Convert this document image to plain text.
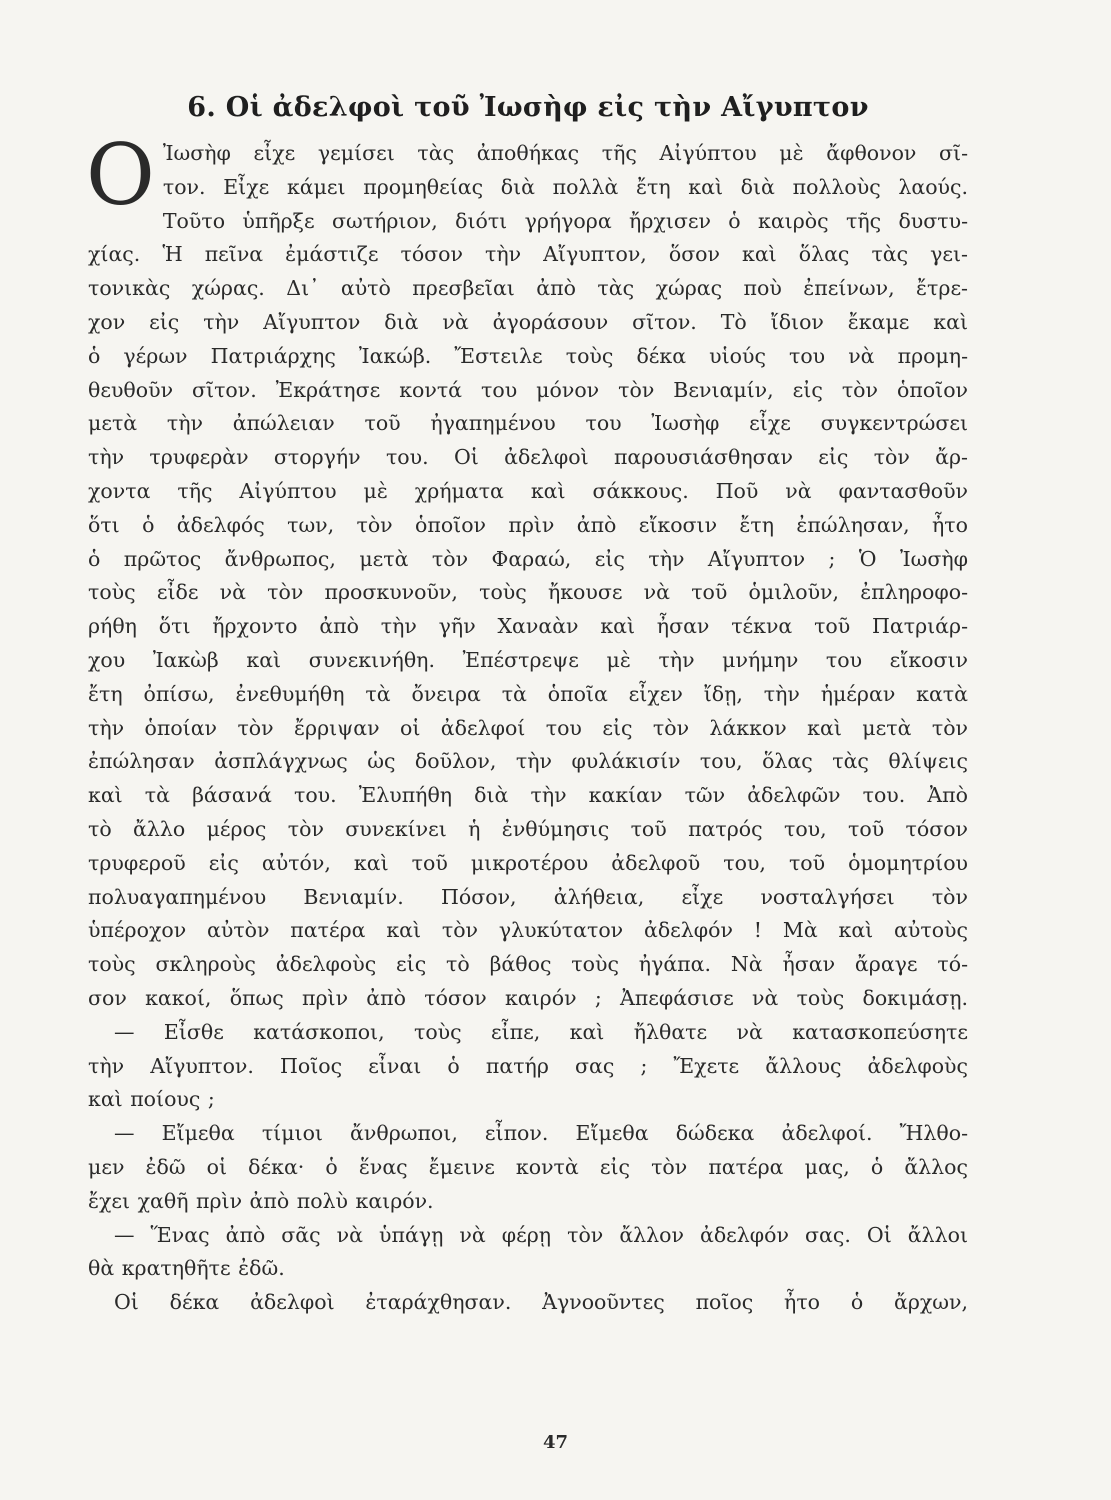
6. Οἱ ἀδελφοὶ τοῦ Ἰωσὴφ εἰς τὴν Αἴγυπτον
Ο Ἰωσὴφ εἶχε γεμίσει τὰς ἀποθήκας τῆς Αἰγύπτου μὲ ἄφθονον σῖ-
τον. Εἶχε κάμει προμηθείας διὰ πολλὰ ἔτη καὶ διὰ πολλοὺς λαούς.
Τοῦτο ὑπῆρξε σωτήριον, διότι γρήγορα ἤρχισεν ὁ καιρὸς τῆς δυστυ-
χίας. Ἡ πεῖνα ἐμάστιζε τόσον τὴν Αἴγυπτον, ὅσον καὶ ὅλας τὰς γει-
τονικὰς χώρας. Δι᾽ αὐτὸ πρεσβεῖαι ἀπὸ τὰς χώρας ποὺ ἐπείνων, ἔτρε-
χον εἰς τὴν Αἴγυπτον διὰ νὰ ἀγοράσουν σῖτον. Τὸ ἴδιον ἔκαμε καὶ
ὁ γέρων Πατριάρχης Ἰακώβ. Ἔστειλε τοὺς δέκα υἱούς του νὰ προμη-
θευθοῦν σῖτον. Ἐκράτησε κοντά του μόνον τὸν Βενιαμίν, εἰς τὸν ὁποῖον
μετὰ τὴν ἀπώλειαν τοῦ ἠγαπημένου του Ἰωσὴφ εἶχε συγκεντρώσει
τὴν τρυφερὰν στοργήν του. Οἱ ἀδελφοὶ παρουσιάσθησαν εἰς τὸν ἄρ-
χοντα τῆς Αἰγύπτου μὲ χρήματα καὶ σάκκους. Ποῦ νὰ φαντασθοῦν
ὅτι ὁ ἀδελφός των, τὸν ὁποῖον πρὶν ἀπὸ εἴκοσιν ἔτη ἐπώλησαν, ἦτο
ὁ πρῶτος ἄνθρωπος, μετὰ τὸν Φαραώ, εἰς τὴν Αἴγυπτον ; Ὁ Ἰωσὴφ
τοὺς εἶδε νὰ τὸν προσκυνοῦν, τοὺς ἤκουσε νὰ τοῦ ὁμιλοῦν, ἐπληροφο-
ρήθη ὅτι ἤρχοντο ἀπὸ τὴν γῆν Χαναὰν καὶ ἦσαν τέκνα τοῦ Πατριάρ-
χου Ἰακὼβ καὶ συνεκινήθη. Ἐπέστρεψε μὲ τὴν μνήμην του εἴκοσιν
ἔτη ὀπίσω, ἐνεθυμήθη τὰ ὄνειρα τὰ ὁποῖα εἶχεν ἴδῃ, τὴν ἡμέραν κατὰ
τὴν ὁποίαν τὸν ἔρριψαν οἱ ἀδελφοί του εἰς τὸν λάκκον καὶ μετὰ τὸν
ἐπώλησαν ἀσπλάγχνως ὡς δοῦλον, τὴν φυλάκισίν του, ὅλας τὰς θλίψεις
καὶ τὰ βάσανά του. Ἐλυπήθη διὰ τὴν κακίαν τῶν ἀδελφῶν του. Ἀπὸ
τὸ ἄλλο μέρος τὸν συνεκίνει ἡ ἐνθύμησις τοῦ πατρός του, τοῦ τόσον
τρυφεροῦ εἰς αὐτόν, καὶ τοῦ μικροτέρου ἀδελφοῦ του, τοῦ ὁμομητρίου
πολυαγαπημένου Βενιαμίν. Πόσον, ἀλήθεια, εἶχε νοσταλγήσει τὸν
ὑπέροχον αὐτὸν πατέρα καὶ τὸν γλυκύτατον ἀδελφόν ! Μὰ καὶ αὐτοὺς
τοὺς σκληροὺς ἀδελφοὺς εἰς τὸ βάθος τοὺς ἠγάπα. Νὰ ἦσαν ἄραγε τό-
σον κακοί, ὅπως πρὶν ἀπὸ τόσον καιρόν ; Ἀπεφάσισε νὰ τοὺς δοκιμάσῃ.
— Εἶσθε κατάσκοποι, τοὺς εἶπε, καὶ ἤλθατε νὰ κατασκοπεύσητε
τὴν Αἴγυπτον. Ποῖος εἶναι ὁ πατήρ σας ; Ἔχετε ἄλλους ἀδελφοὺς
καὶ ποίους ;
— Εἴμεθα τίμιοι ἄνθρωποι, εἶπον. Εἴμεθα δώδεκα ἀδελφοί. Ἤλθο-
μεν ἐδῶ οἱ δέκα· ὁ ἕνας ἔμεινε κοντὰ εἰς τὸν πατέρα μας, ὁ ἄλλος
ἔχει χαθῆ πρὶν ἀπὸ πολὺ καιρόν.
— Ἕνας ἀπὸ σᾶς νὰ ὑπάγῃ νὰ φέρῃ τὸν ἄλλον ἀδελφόν σας. Οἱ ἄλλοι
θὰ κρατηθῆτε ἐδῶ.
Οἱ δέκα ἀδελφοὶ ἐταράχθησαν. Ἀγνοοῦντες ποῖος ἦτο ὁ ἄρχων,
47
